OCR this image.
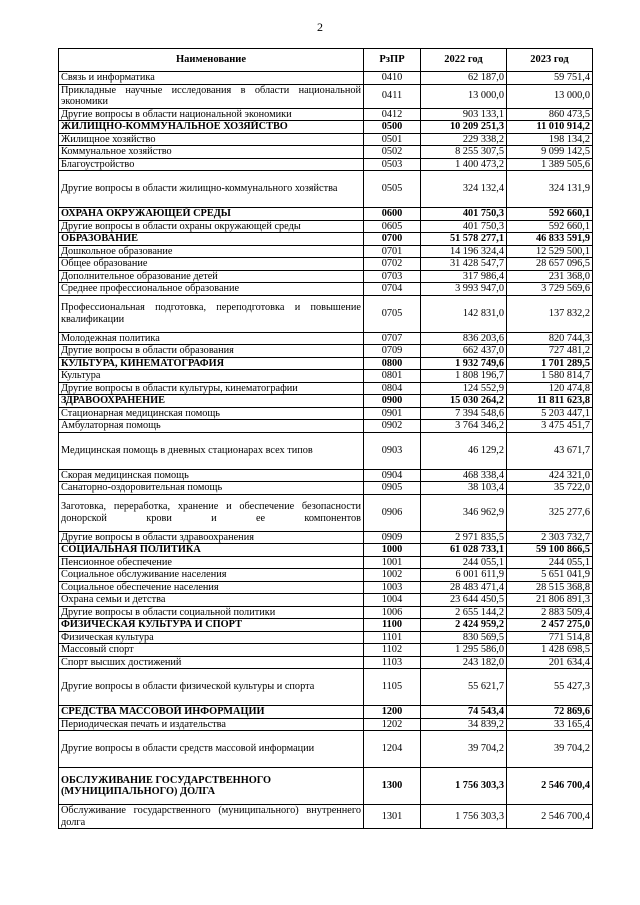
2
Наименование	РзПР	2022 год	2023 год
Связь и информатика	0410	62 187,0	59 751,4
Прикладные научные исследования в области национальной экономики	0411	13 000,0	13 000,0
Другие вопросы в области национальной экономики	0412	903 133,1	860 473,5
ЖИЛИЩНО-КОММУНАЛЬНОЕ ХОЗЯЙСТВО	0500	10 209 251,3	11 010 914,2
Жилищное хозяйство	0501	229 338,2	198 134,2
Коммунальное хозяйство	0502	8 255 307,5	9 099 142,5
Благоустройство	0503	1 400 473,2	1 389 505,6
Другие вопросы в области жилищно-коммунального хозяйства	0505	324 132,4	324 131,9
ОХРАНА ОКРУЖАЮЩЕЙ СРЕДЫ	0600	401 750,3	592 660,1
Другие вопросы в области охраны окружающей среды	0605	401 750,3	592 660,1
ОБРАЗОВАНИЕ	0700	51 578 277,1	46 833 591,9
Дошкольное образование	0701	14 196 324,4	12 529 500,1
Общее образование	0702	31 428 547,7	28 657 096,5
Дополнительное образование детей	0703	317 986,4	231 368,0
Среднее профессиональное образование	0704	3 993 947,0	3 729 569,6
Профессиональная подготовка, переподготовка и повышение квалификации	0705	142 831,0	137 832,2
Молодежная политика	0707	836 203,6	820 744,3
Другие вопросы в области образования	0709	662 437,0	727 481,2
КУЛЬТУРА, КИНЕМАТОГРАФИЯ	0800	1 932 749,6	1 701 289,5
Культура	0801	1 808 196,7	1 580 814,7
Другие вопросы в области культуры, кинематографии	0804	124 552,9	120 474,8
ЗДРАВООХРАНЕНИЕ	0900	15 030 264,2	11 811 623,8
Стационарная медицинская помощь	0901	7 394 548,6	5 203 447,1
Амбулаторная помощь	0902	3 764 346,2	3 475 451,7
Медицинская помощь в дневных стационарах всех типов	0903	46 129,2	43 671,7
Скорая медицинская помощь	0904	468 338,4	424 321,0
Санаторно-оздоровительная помощь	0905	38 103,4	35 722,0
Заготовка, переработка, хранение и обеспечение безопасности донорской крови и ее компонентов	0906	346 962,9	325 277,6
Другие вопросы в области здравоохранения	0909	2 971 835,5	2 303 732,7
СОЦИАЛЬНАЯ ПОЛИТИКА	1000	61 028 733,1	59 100 866,5
Пенсионное обеспечение	1001	244 055,1	244 055,1
Социальное обслуживание населения	1002	6 001 611,9	5 651 041,9
Социальное обеспечение населения	1003	28 483 471,4	28 515 368,8
Охрана семьи и детства	1004	23 644 450,5	21 806 891,3
Другие вопросы в области социальной политики	1006	2 655 144,2	2 883 509,4
ФИЗИЧЕСКАЯ КУЛЬТУРА И СПОРТ	1100	2 424 959,2	2 457 275,0
Физическая культура	1101	830 569,5	771 514,8
Массовый спорт	1102	1 295 586,0	1 428 698,5
Спорт высших достижений	1103	243 182,0	201 634,4
Другие вопросы в области физической культуры и спорта	1105	55 621,7	55 427,3
СРЕДСТВА МАССОВОЙ ИНФОРМАЦИИ	1200	74 543,4	72 869,6
Периодическая печать и издательства	1202	34 839,2	33 165,4
Другие вопросы в области средств массовой информации	1204	39 704,2	39 704,2
ОБСЛУЖИВАНИЕ ГОСУДАРСТВЕННОГО (МУНИЦИПАЛЬНОГО) ДОЛГА	1300	1 756 303,3	2 546 700,4
Обслуживание государственного (муниципального) внутреннего долга	1301	1 756 303,3	2 546 700,4
